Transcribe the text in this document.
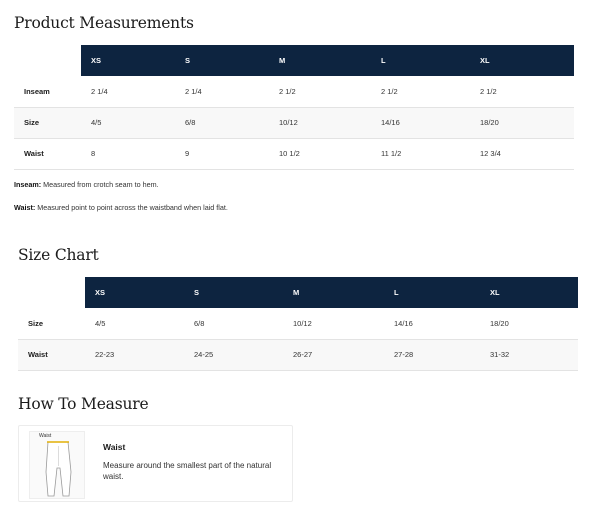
Product Measurements
	XS	S	M	L	XL
Inseam	2 1/4	2 1/4	2 1/2	2 1/2	2 1/2
Size	4/5	6/8	10/12	14/16	18/20
Waist	8	9	10 1/2	11 1/2	12 3/4
Inseam: Measured from crotch seam to hem.
Waist: Measured point to point across the waistband when laid flat.
Size Chart
	XS	S	M	L	XL
Size	4/5	6/8	10/12	14/16	18/20
Waist	22-23	24-25	26-27	27-28	31-32
How To Measure
Waist
Waist
Measure around the smallest part of the natural waist.
